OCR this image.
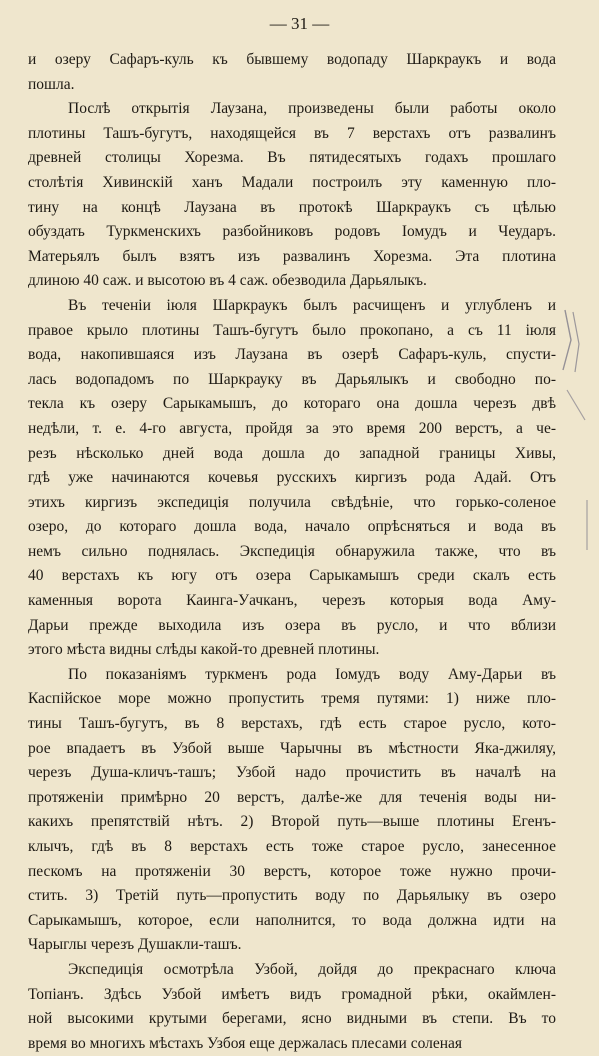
— 31 —
и озеру Сафаръ-куль къ бывшему водопаду Шаркраукъ и вода
пошла.
Послѣ открытія Лаузана, произведены были работы около
плотины Ташъ-бугутъ, находящейся въ 7 верстахъ отъ развалинъ
древней столицы Хорезма. Въ пятидесятыхъ годахъ прошлаго
столѣтія Хивинскій ханъ Мадали построилъ эту каменную пло-
тину на концѣ Лаузана въ протокѣ Шаркраукъ съ цѣлью
обуздать Туркменскихъ разбойниковъ родовъ Іомудъ и Чеударъ.
Матерьялъ былъ взятъ изъ развалинъ Хорезма. Эта плотина
длиною 40 саж. и высотою въ 4 саж. обезводила Дарьялыкъ.
Въ теченіи іюля Шаркраукъ былъ расчищенъ и углубленъ и
правое крыло плотины Ташъ-бугутъ было прокопано, а съ 11 іюля
вода, накопившаяся изъ Лаузана въ озерѣ Сафаръ-куль, спусти-
лась водопадомъ по Шаркрауку въ Дарьялыкъ и свободно по-
текла къ озеру Сарыкамышъ, до котораго она дошла черезъ двѣ
недѣли, т. е. 4-го августа, пройдя за это время 200 верстъ, а че-
резъ нѣсколько дней вода дошла до западной границы Хивы,
гдѣ уже начинаются кочевья русскихъ киргизъ рода Адай. Отъ
этихъ киргизъ экспедиція получила свѣдѣніе, что горько-соленое
озеро, до котораго дошла вода, начало опрѣсняться и вода въ
немъ сильно поднялась. Экспедиція обнаружила также, что въ
40 верстахъ къ югу отъ озера Сарыкамышъ среди скалъ есть
каменныя ворота Каинга-Уачканъ, черезъ которыя вода Аму-
Дарьи прежде выходила изъ озера въ русло, и что вблизи
этого мѣста видны слѣды какой-то древней плотины.
По показаніямъ туркменъ рода Іомудъ воду Аму-Дарьи въ
Каспійское море можно пропустить тремя путями: 1) ниже пло-
тины Ташъ-бугутъ, въ 8 верстахъ, гдѣ есть старое русло, кото-
рое впадаетъ въ Узбой выше Чарычны въ мѣстности Яка-джиляу,
черезъ Душа-кличъ-ташъ; Узбой надо прочистить въ началѣ на
протяженіи примѣрно 20 верстъ, далѣе-же для теченія воды ни-
какихъ препятствій нѣтъ. 2) Второй путь—выше плотины Егенъ-
клычъ, гдѣ въ 8 верстахъ есть тоже старое русло, занесенное
пескомъ на протяженіи 30 верстъ, которое тоже нужно прочи-
стить. 3) Третій путь—пропустить воду по Дарьялыку въ озеро
Сарыкамышъ, которое, если наполнится, то вода должна идти на
Чарыглы черезъ Душакли-ташъ.
Экспедиція осмотрѣла Узбой, дойдя до прекраснаго ключа
Топіанъ. Здѣсь Узбой имѣетъ видъ громадной рѣки, окаймлен-
ной высокими крутыми берегами, ясно видными въ степи. Въ то
время во многихъ мѣстахъ Узбоя еще держалась плесами соленая
